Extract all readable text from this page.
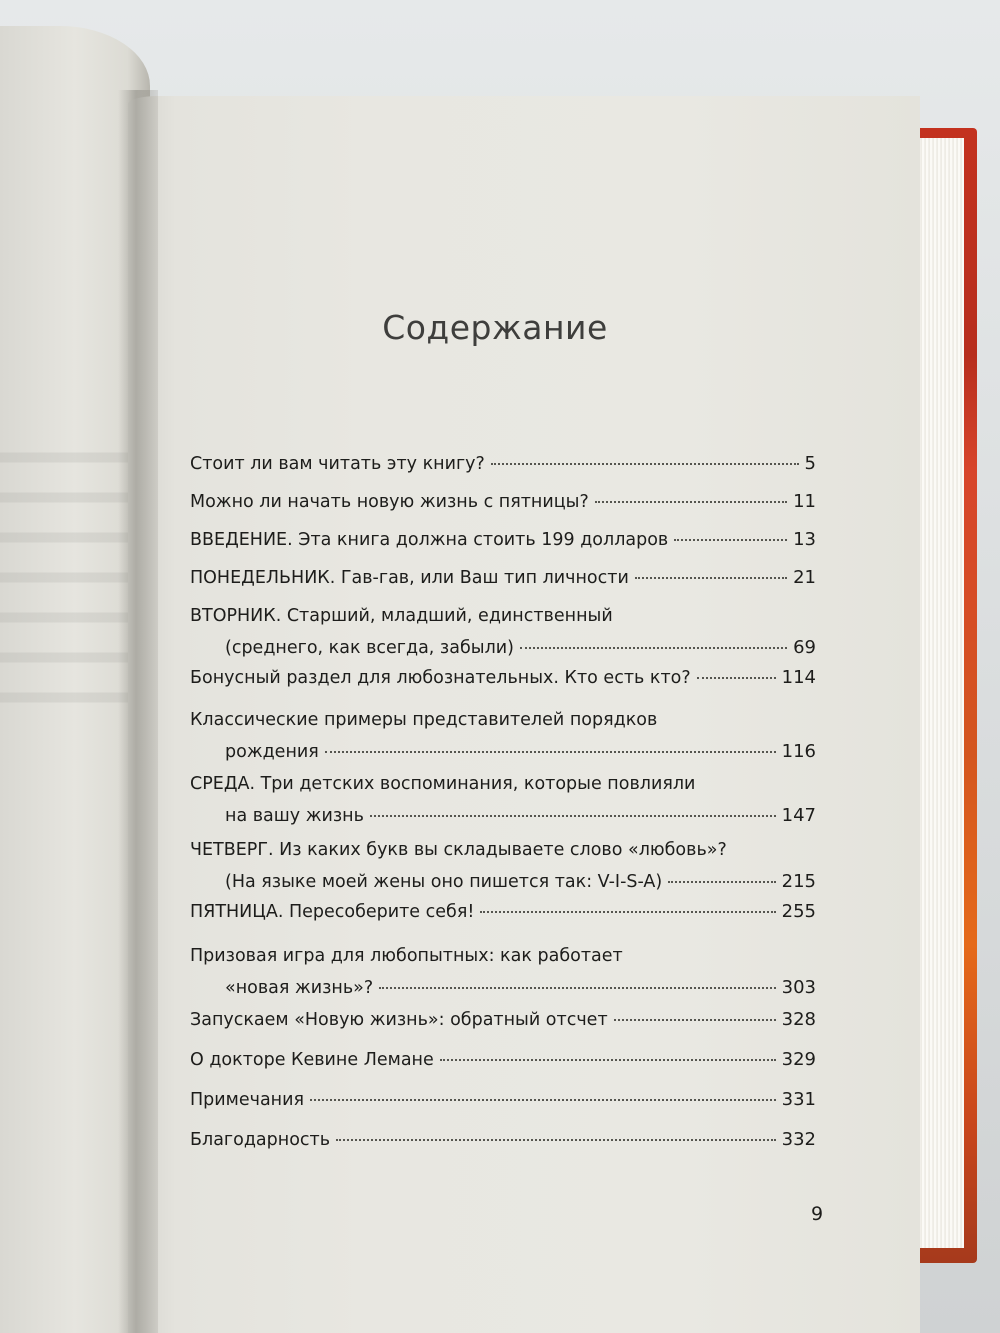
Содержание
Стоит ли вам читать эту книгу?	5
Можно ли начать новую жизнь с пятницы?	11
ВВЕДЕНИЕ. Эта книга должна стоить 199 долларов	13
ПОНЕДЕЛЬНИК. Гав-гав, или Ваш тип личности	21
ВТОРНИК. Старший, младший, единственный
(среднего, как всегда, забыли)	69
Бонусный раздел для любознательных. Кто есть кто?	114
Классические примеры представителей порядков
рождения	116
СРЕДА. Три детских воспоминания, которые повлияли
на вашу жизнь	147
ЧЕТВЕРГ. Из каких букв вы складываете слово «любовь»?
(На языке моей жены оно пишется так: V-I-S-A)	215
ПЯТНИЦА. Пересоберите себя!	255
Призовая игра для любопытных: как работает
«новая жизнь»?	303
Запускаем «Новую жизнь»: обратный отсчет	328
О докторе Кевине Лемане	329
Примечания	331
Благодарность	332
9
